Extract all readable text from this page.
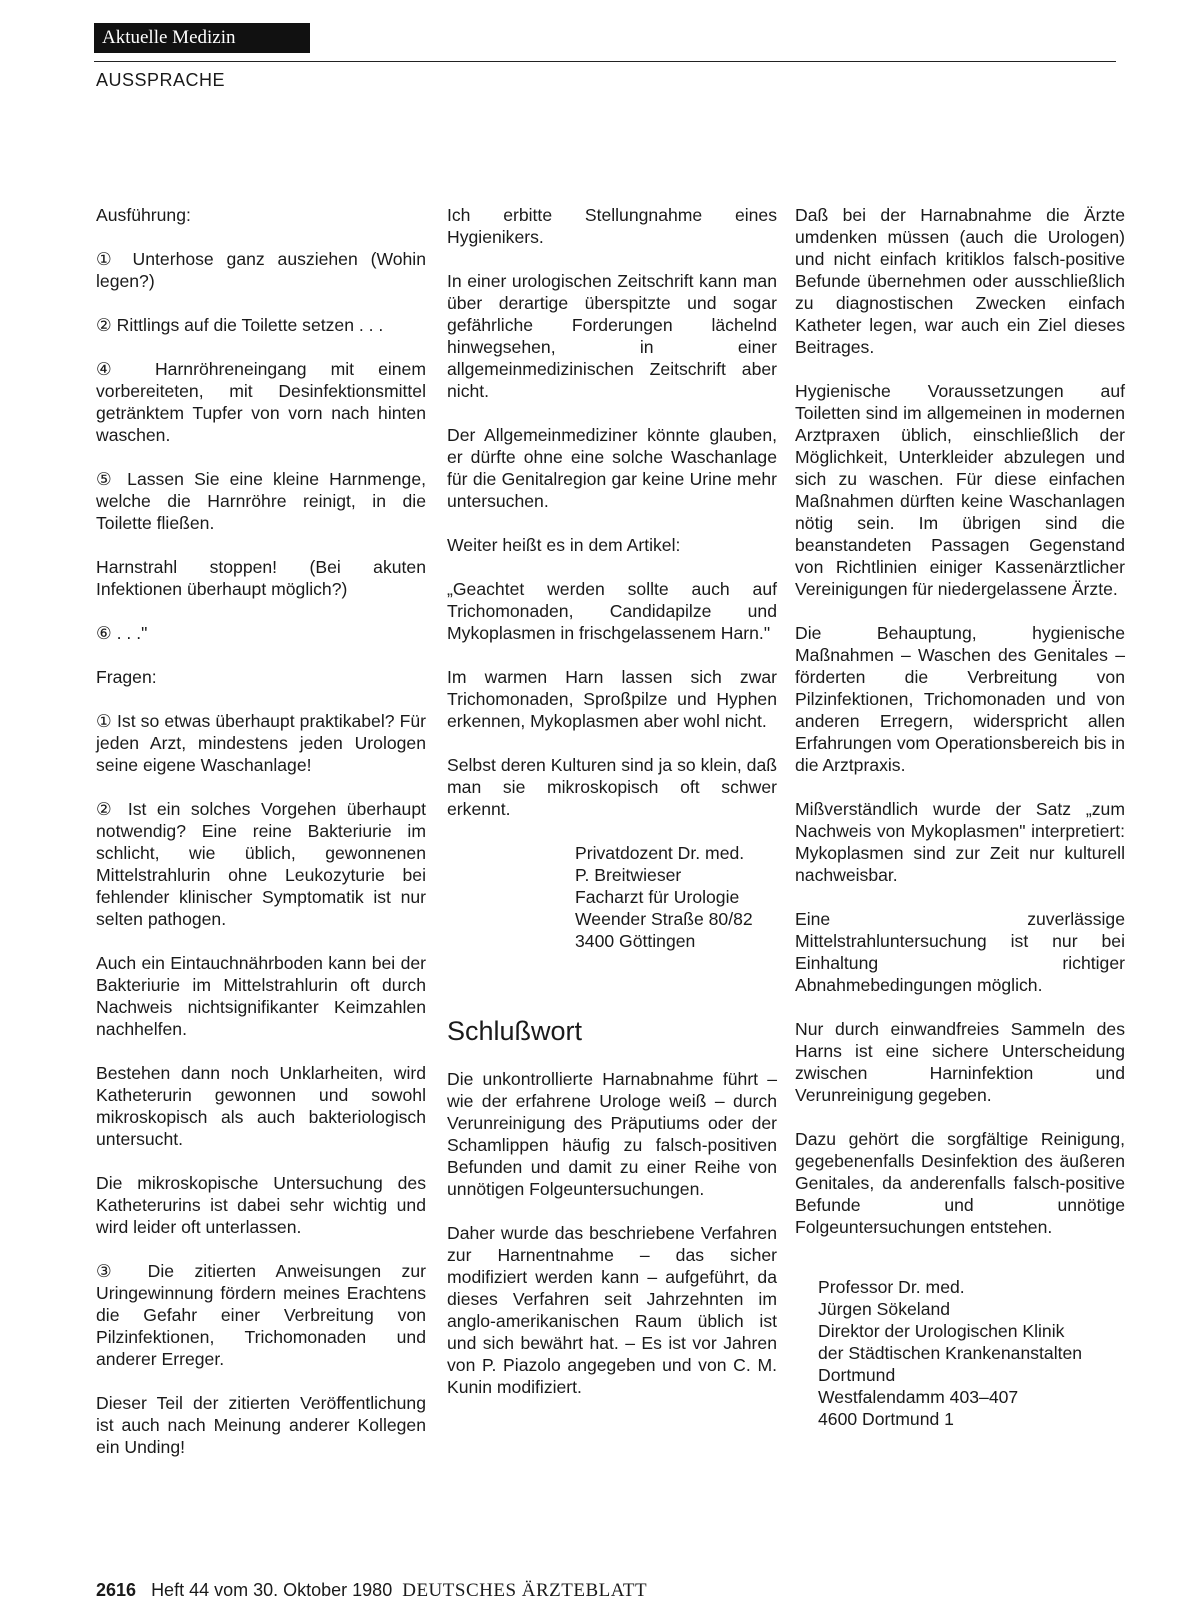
Aktuelle Medizin
AUSSPRACHE

Ausführung:

① Unterhose ganz ausziehen (Wohin legen?)

② Rittlings auf die Toilette setzen . . .

④ Harnröhreneingang mit einem vorbereiteten, mit Desinfektionsmittel getränktem Tupfer von vorn nach hinten waschen.

⑤ Lassen Sie eine kleine Harnmenge, welche die Harnröhre reinigt, in die Toilette fließen.

Harnstrahl stoppen! (Bei akuten Infektionen überhaupt möglich?)

⑥ . . ."

Fragen:

① Ist so etwas überhaupt praktikabel? Für jeden Arzt, mindestens jeden Urologen seine eigene Waschanlage!

② Ist ein solches Vorgehen überhaupt notwendig? Eine reine Bakteriurie im schlicht, wie üblich, gewonnenen Mittelstrahlurin ohne Leukozyturie bei fehlender klinischer Symptomatik ist nur selten pathogen.

Auch ein Eintauchnährboden kann bei der Bakteriurie im Mittelstrahlurin oft durch Nachweis nichtsignifikanter Keimzahlen nachhelfen.

Bestehen dann noch Unklarheiten, wird Katheterurin gewonnen und sowohl mikroskopisch als auch bakteriologisch untersucht.

Die mikroskopische Untersuchung des Katheterurins ist dabei sehr wichtig und wird leider oft unterlassen.

③ Die zitierten Anweisungen zur Uringewinnung fördern meines Erachtens die Gefahr einer Verbreitung von Pilzinfektionen, Trichomonaden und anderer Erreger.

Dieser Teil der zitierten Veröffentlichung ist auch nach Meinung anderer Kollegen ein Unding!

Ich erbitte Stellungnahme eines Hygienikers.

In einer urologischen Zeitschrift kann man über derartige überspitzte und sogar gefährliche Forderungen lächelnd hinwegsehen, in einer allgemeinmedizinischen Zeitschrift aber nicht.

Der Allgemeinmediziner könnte glauben, er dürfte ohne eine solche Waschanlage für die Genitalregion gar keine Urine mehr untersuchen.

Weiter heißt es in dem Artikel:

„Geachtet werden sollte auch auf Trichomonaden, Candidapilze und Mykoplasmen in frischgelassenem Harn."

Im warmen Harn lassen sich zwar Trichomonaden, Sproßpilze und Hyphen erkennen, Mykoplasmen aber wohl nicht.

Selbst deren Kulturen sind ja so klein, daß man sie mikroskopisch oft schwer erkennt.

Privatdozent Dr. med.
P. Breitwieser
Facharzt für Urologie
Weender Straße 80/82
3400 Göttingen
Schlußwort

Die unkontrollierte Harnabnahme führt – wie der erfahrene Urologe weiß – durch Verunreinigung des Präputiums oder der Schamlippen häufig zu falsch-positiven Befunden und damit zu einer Reihe von unnötigen Folgeuntersuchungen.

Daher wurde das beschriebene Verfahren zur Harnentnahme – das sicher modifiziert werden kann – aufgeführt, da dieses Verfahren seit Jahrzehnten im anglo-amerikanischen Raum üblich ist und sich bewährt hat. – Es ist vor Jahren von P. Piazolo angegeben und von C. M. Kunin modifiziert.

Daß bei der Harnabnahme die Ärzte umdenken müssen (auch die Urologen) und nicht einfach kritiklos falsch-positive Befunde übernehmen oder ausschließlich zu diagnostischen Zwecken einfach Katheter legen, war auch ein Ziel dieses Beitrages.

Hygienische Voraussetzungen auf Toiletten sind im allgemeinen in modernen Arztpraxen üblich, einschließlich der Möglichkeit, Unterkleider abzulegen und sich zu waschen. Für diese einfachen Maßnahmen dürften keine Waschanlagen nötig sein. Im übrigen sind die beanstandeten Passagen Gegenstand von Richtlinien einiger Kassenärztlicher Vereinigungen für niedergelassene Ärzte.

Die Behauptung, hygienische Maßnahmen – Waschen des Genitales – förderten die Verbreitung von Pilzinfektionen, Trichomonaden und von anderen Erregern, widerspricht allen Erfahrungen vom Operationsbereich bis in die Arztpraxis.

Mißverständlich wurde der Satz „zum Nachweis von Mykoplasmen" interpretiert: Mykoplasmen sind zur Zeit nur kulturell nachweisbar.

Eine zuverlässige Mittelstrahluntersuchung ist nur bei Einhaltung richtiger Abnahmebedingungen möglich.

Nur durch einwandfreies Sammeln des Harns ist eine sichere Unterscheidung zwischen Harninfektion und Verunreinigung gegeben.

Dazu gehört die sorgfältige Reinigung, gegebenenfalls Desinfektion des äußeren Genitales, da anderenfalls falsch-positive Befunde und unnötige Folgeuntersuchungen entstehen.

Professor Dr. med.
Jürgen Sökeland
Direktor der Urologischen Klinik
der Städtischen Krankenanstalten
Dortmund
Westfalendamm 403–407
4600 Dortmund 1
2616 Heft 44 vom 30. Oktober 1980 DEUTSCHES ÄRZTEBLATT
